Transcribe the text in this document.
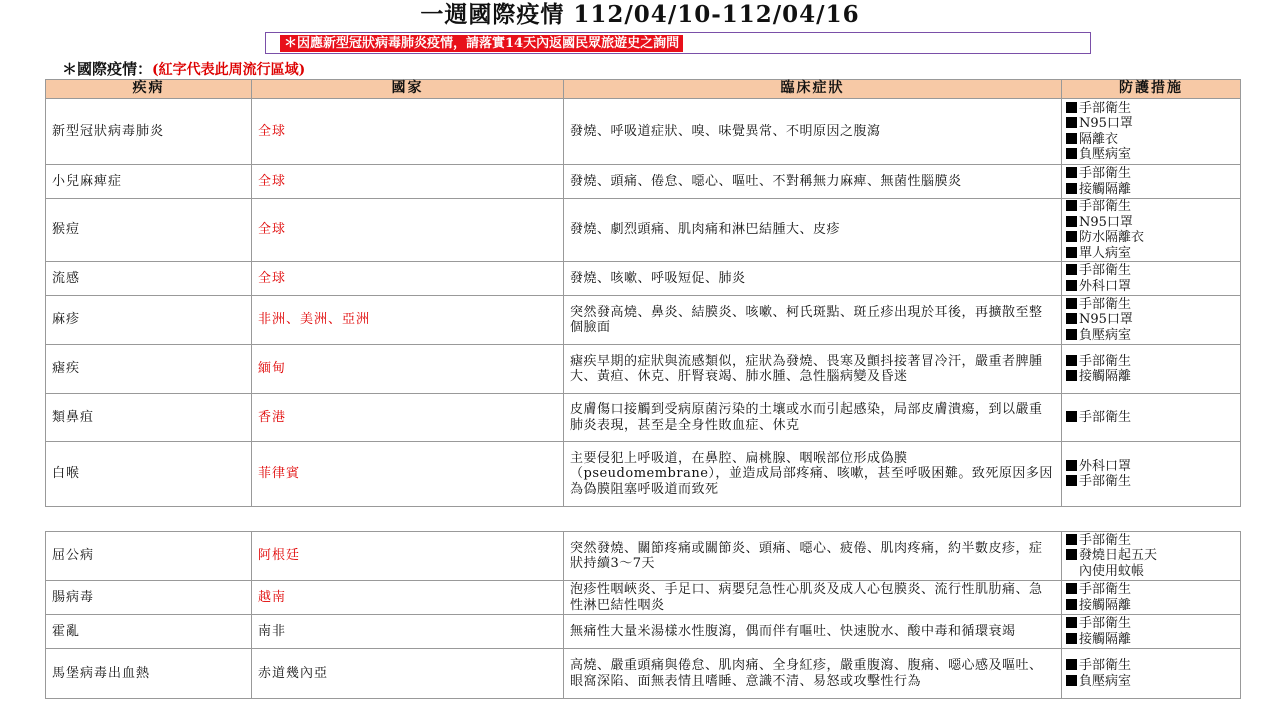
一週國際疫情 112/04/10-112/04/16
＊因應新型冠狀病毒肺炎疫情，請落實14天內返國民眾旅遊史之詢問
＊國際疫情：(紅字代表此周流行區域)
疾病	國家	臨床症狀	防護措施
新型冠狀病毒肺炎	全球	發燒、呼吸道症狀、嗅、味覺異常、不明原因之腹瀉	手部衛生
N95口罩
隔離衣
負壓病室

小兒麻痺症	全球	發燒、頭痛、倦怠、噁心、嘔吐、不對稱無力麻痺、無菌性腦膜炎	手部衛生
接觸隔離

猴痘	全球	發燒、劇烈頭痛、肌肉痛和淋巴結腫大、皮疹	手部衛生
N95口罩
防水隔離衣
單人病室

流感	全球	發燒、咳嗽、呼吸短促、肺炎	手部衛生
外科口罩

麻疹	非洲、美洲、亞洲	突然發高燒、鼻炎、結膜炎、咳嗽、柯氏斑點、斑丘疹出現於耳後，再擴散至整個臉面	手部衛生
N95口罩
負壓病室

瘧疾	緬甸	瘧疾早期的症狀與流感類似，症狀為發燒、畏寒及顫抖接著冒冷汗，嚴重者脾腫大、黃疸、休克、肝腎衰竭、肺水腫、急性腦病變及昏迷	手部衛生
接觸隔離

類鼻疽	香港	皮膚傷口接觸到受病原菌污染的土壤或水而引起感染，局部皮膚潰瘍，到以嚴重肺炎表現，甚至是全身性敗血症、休克	手部衛生

白喉	菲律賓	主要侵犯上呼吸道，在鼻腔、扁桃腺、咽喉部位形成偽膜（pseudomembrane），並造成局部疼痛、咳嗽，甚至呼吸困難。致死原因多因為偽膜阻塞呼吸道而致死	外科口罩
手部衛生
屈公病	阿根廷	突然發燒、關節疼痛或關節炎、頭痛、噁心、疲倦、肌肉疼痛，約半數皮疹，症狀持續3〜7天	手部衛生
發燒日起五天
　內使用蚊帳

腸病毒	越南	泡疹性咽峽炎、手足口、病嬰兒急性心肌炎及成人心包膜炎、流行性肌肋痛、急性淋巴結性咽炎	手部衛生
接觸隔離

霍亂	南非	無痛性大量米湯樣水性腹瀉，偶而伴有嘔吐、快速脫水、酸中毒和循環衰竭	手部衛生
接觸隔離

馬堡病毒出血熱	赤道幾內亞	高燒、嚴重頭痛與倦怠、肌肉痛、全身紅疹，嚴重腹瀉、腹痛、噁心感及嘔吐、眼窩深陷、面無表情且嗜睡、意識不清、易怒或攻擊性行為	手部衛生
負壓病室
